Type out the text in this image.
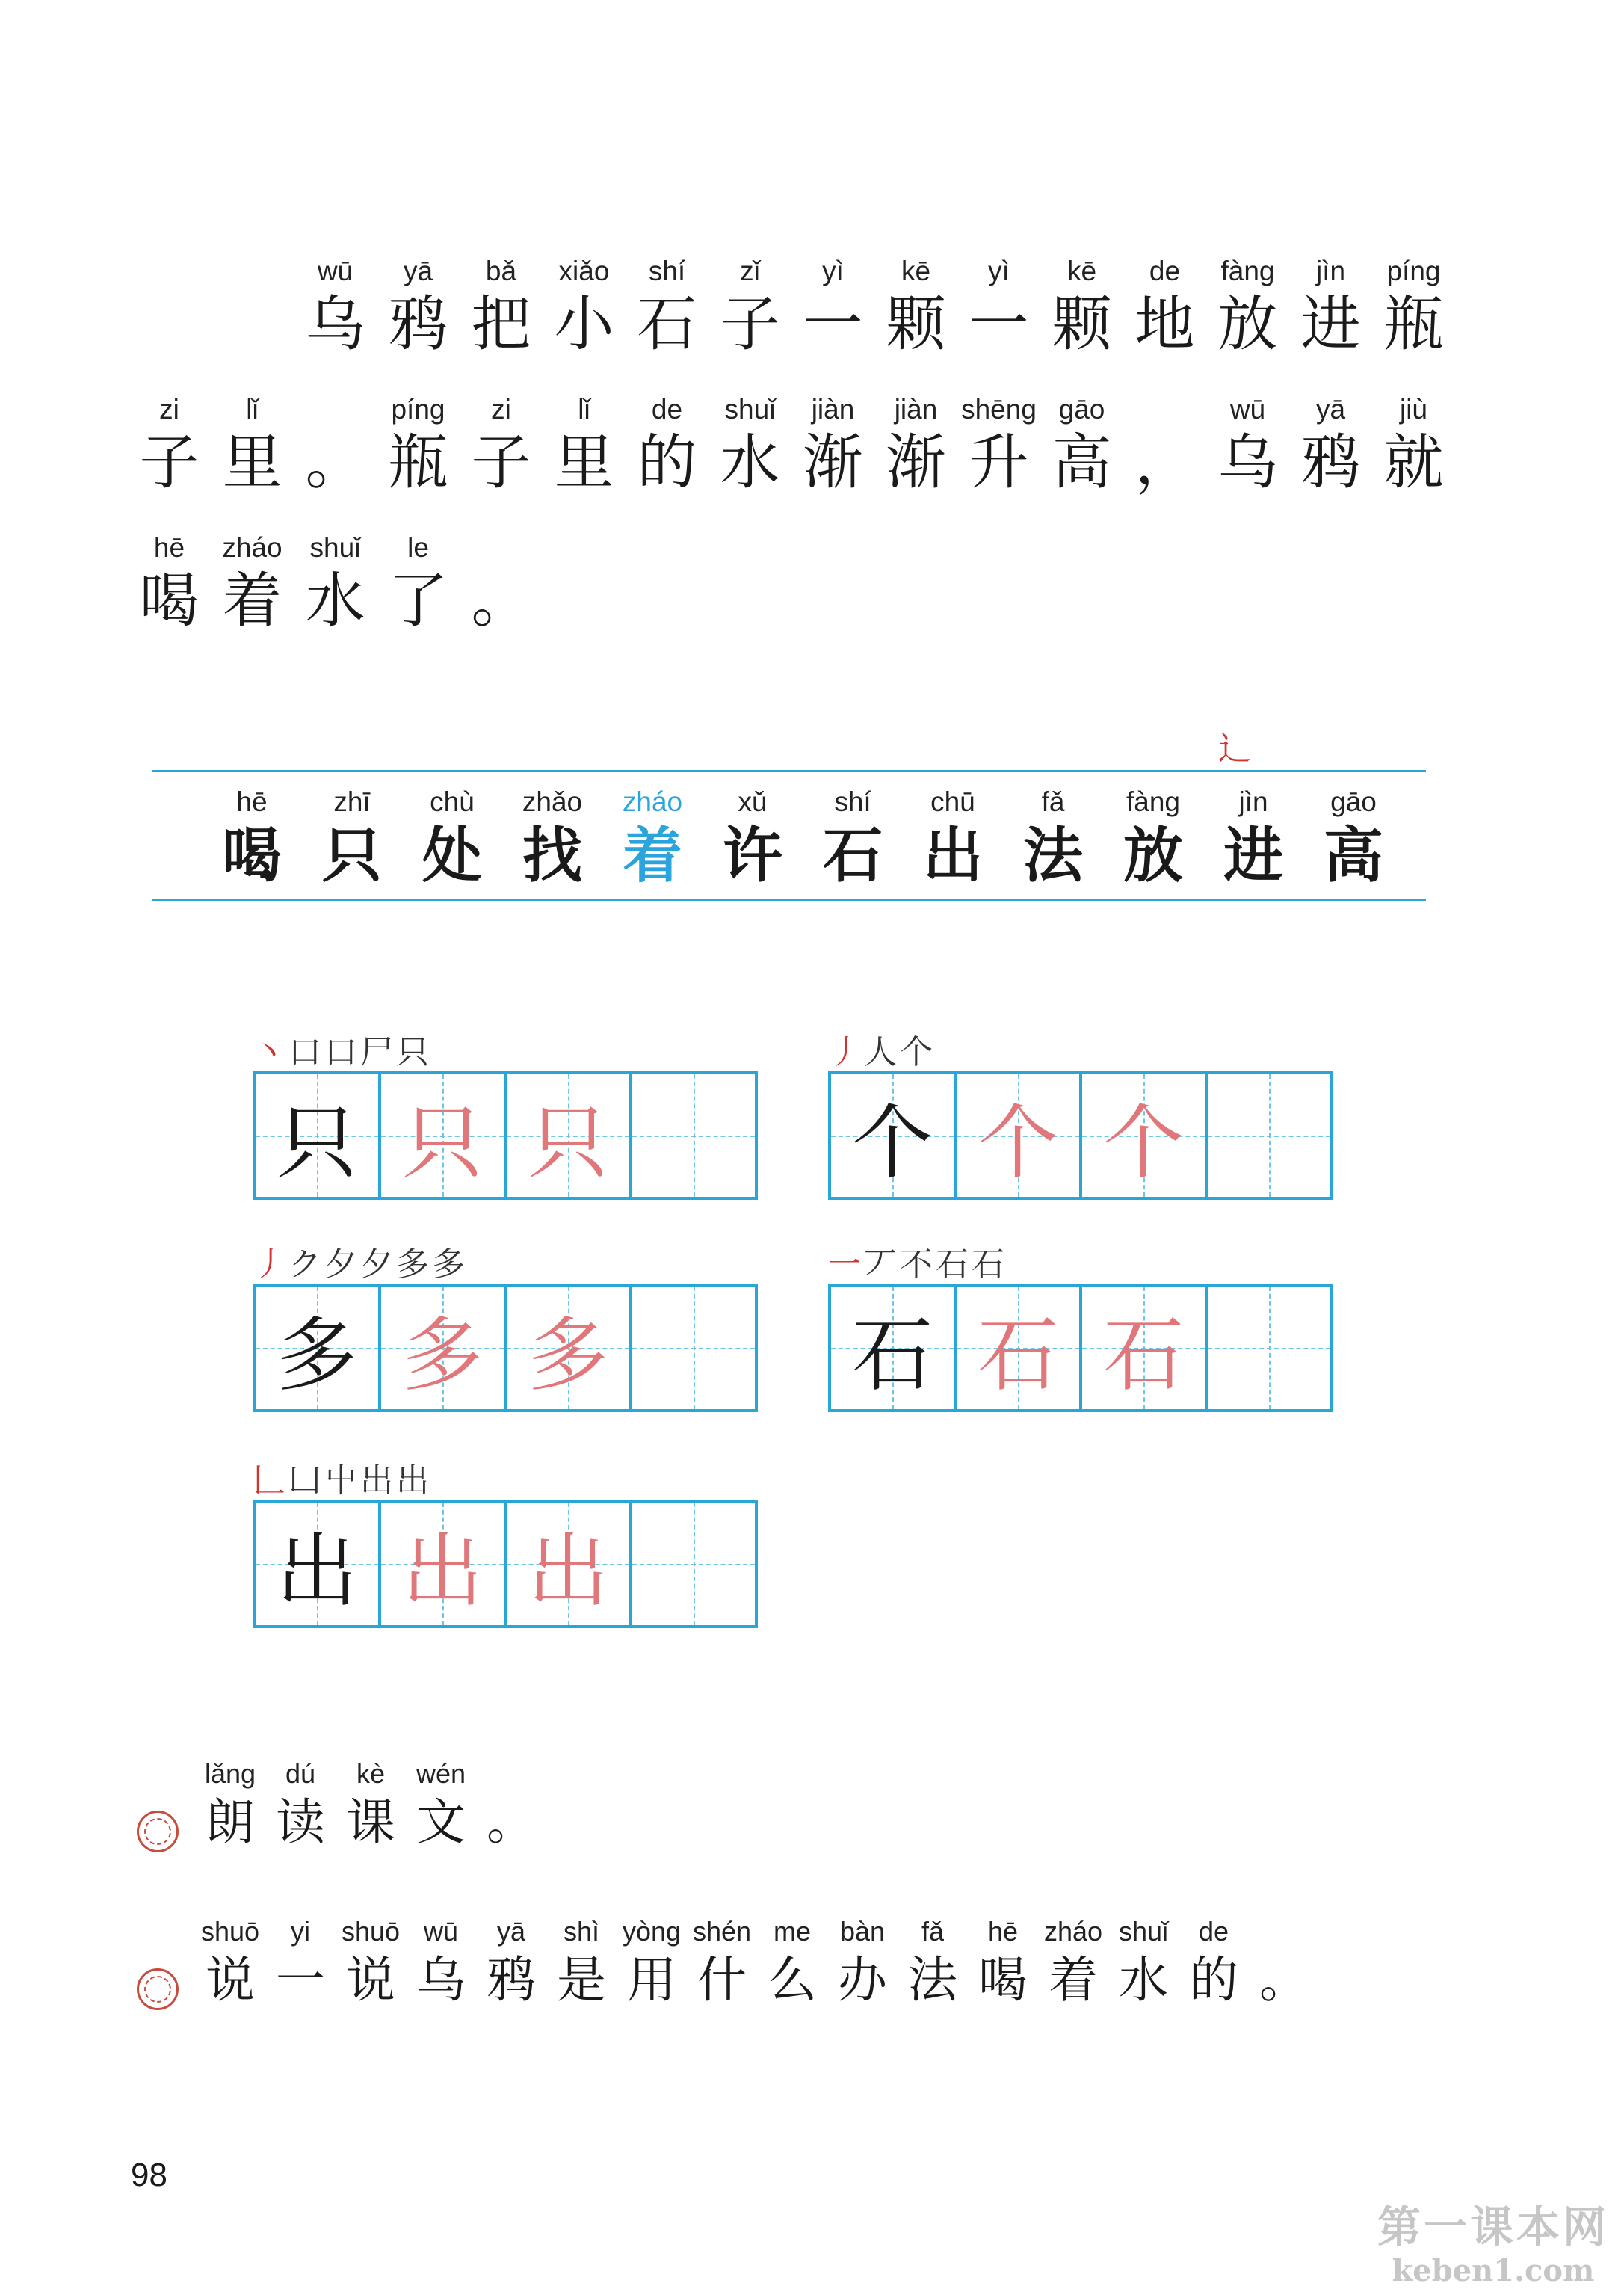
wū
乌
yā
鸦
bǎ
把
xiǎo
小
shí
石
zǐ
子
yì
一
kē
颗
yì
一
kē
颗
de
地
fàng
放
jìn
进
píng
瓶
zi
子
lǐ
里 。
píng
瓶
zi
子
lǐ
里
de
的
shuǐ
水
jiàn
渐
jiàn
渐
shēng
升
gāo
高 ，
wū
乌
yā
鸦
jiù
就
hē
喝
zháo
着
shuǐ
水
le
了 。
辶
hē
喝
zhī
只
chù
处
zhǎo
找
zháo
着
xǔ
许
shí
石
chū
出
fǎ
法
fàng
放
jìn
进
gāo
高
丶口口尸只
只 只 只
丿人个
个 个 个
丿ク夕夕多多
多 多 多
一丆不石石
石 石 石
𠃊凵屮出出
出 出 出
lǎng
朗
dú
读
kè
课
wén
文 。
shuō
说
yi
一
shuō
说
wū
乌
yā
鸦
shì
是
yòng
用
shén
什
me
么
bàn
办
fǎ
法
hē
喝
zháo
着
shuǐ
水
de
的 。
98
第一课本网
keben1.com
